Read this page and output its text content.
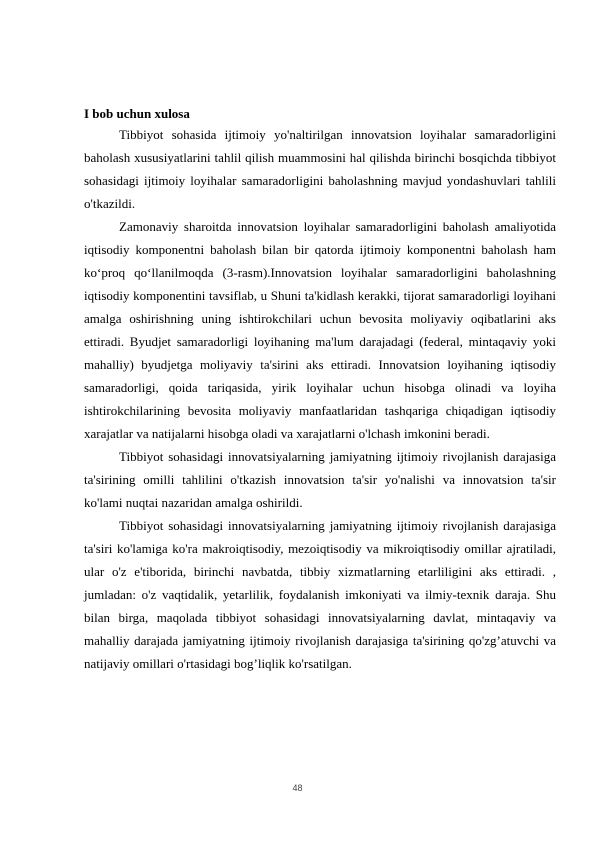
I bob uchun xulosa

Tibbiyot sohasida ijtimoiy yo'naltirilgan innovatsion loyihalar samaradorligini baholash xususiyatlarini tahlil qilish muammosini hal qilishda birinchi bosqichda tibbiyot sohasidagi ijtimoiy loyihalar samaradorligini baholashning mavjud yondashuvlari tahlili o'tkazildi.

Zamonaviy sharoitda innovatsion loyihalar samaradorligini baholash amaliyotida iqtisodiy komponentni baholash bilan bir qatorda ijtimoiy komponentni baholash ham ko‘proq qo‘llanilmoqda (3-rasm).Innovatsion loyihalar samaradorligini baholashning iqtisodiy komponentini tavsiflab, u Shuni ta'kidlash kerakki, tijorat samaradorligi loyihani amalga oshirishning uning ishtirokchilari uchun bevosita moliyaviy oqibatlarini aks ettiradi. Byudjet samaradorligi loyihaning ma'lum darajadagi (federal, mintaqaviy yoki mahalliy) byudjetga moliyaviy ta'sirini aks ettiradi. Innovatsion loyihaning iqtisodiy samaradorligi, qoida tariqasida, yirik loyihalar uchun hisobga olinadi va loyiha ishtirokchilarining bevosita moliyaviy manfaatlaridan tashqariga chiqadigan iqtisodiy xarajatlar va natijalarni hisobga oladi va xarajatlarni o'lchash imkonini beradi.

Tibbiyot sohasidagi innovatsiyalarning jamiyatning ijtimoiy rivojlanish darajasiga ta'sirining omilli tahlilini o'tkazish innovatsion ta'sir yo'nalishi va innovatsion ta'sir ko'lami nuqtai nazaridan amalga oshirildi.

Tibbiyot sohasidagi innovatsiyalarning jamiyatning ijtimoiy rivojlanish darajasiga ta'siri ko'lamiga ko'ra makroiqtisodiy, mezoiqtisodiy va mikroiqtisodiy omillar ajratiladi, ular o'z e'tiborida, birinchi navbatda, tibbiy xizmatlarning etarliligini aks ettiradi. , jumladan: o'z vaqtidalik, yetarlilik, foydalanish imkoniyati va ilmiy-texnik daraja. Shu bilan birga, maqolada tibbiyot sohasidagi innovatsiyalarning davlat, mintaqaviy va mahalliy darajada jamiyatning ijtimoiy rivojlanish darajasiga ta'sirining qo'zg’atuvchi va natijaviy omillari o'rtasidagi bog’liqlik ko'rsatilgan.

48
